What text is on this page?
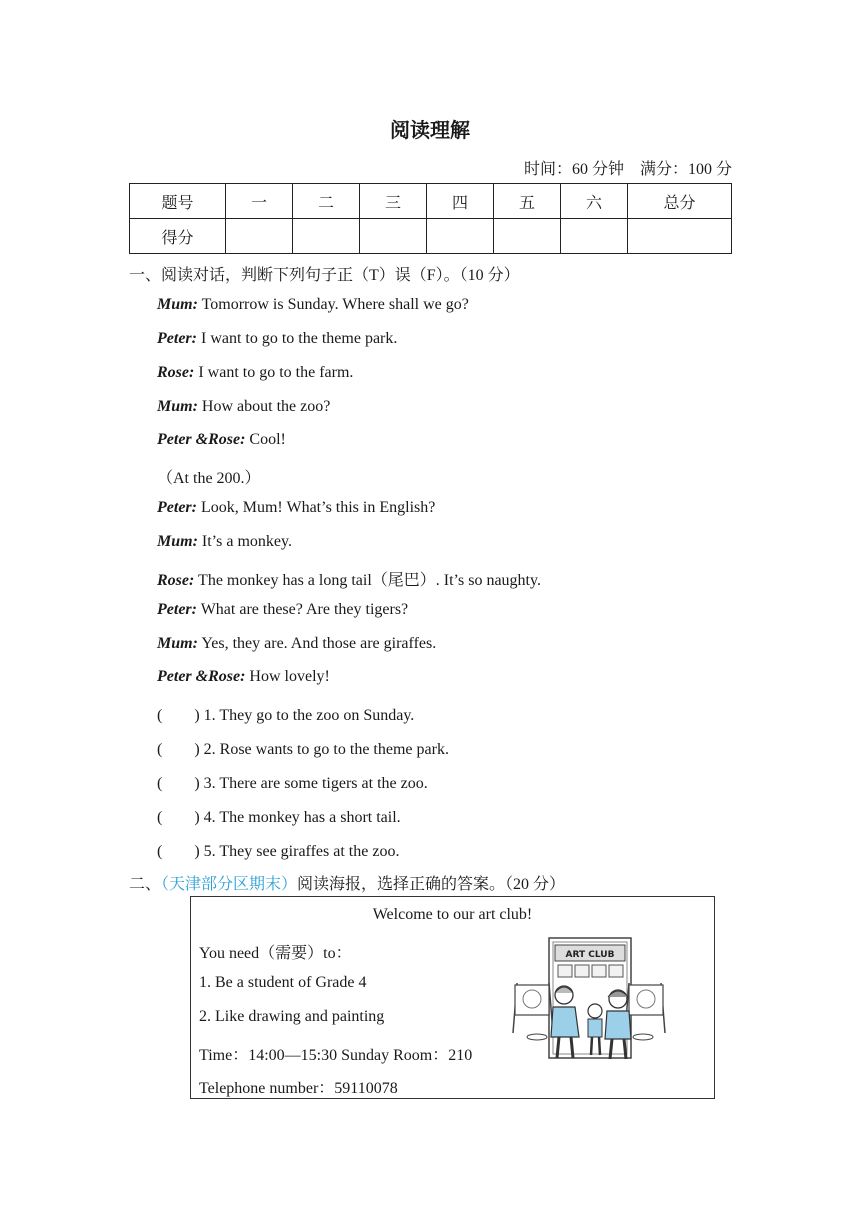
阅读理解
时间：60 分钟　满分：100 分
题号	一	二	三	四	五	六	总分
得分							
一、阅读对话，判断下列句子正（T）误（F）。（10 分）
Mum: Tomorrow is Sunday. Where shall we go?
Peter: I want to go to the theme park.
Rose: I want to go to the farm.
Mum: How about the zoo?
Peter &Rose: Cool!
（At the 200.）
Peter: Look, Mum! What’s this in English?
Mum: It’s a monkey.
Rose: The monkey has a long tail（尾巴）. It’s so naughty.
Peter: What are these? Are they tigers?
Mum: Yes, they are. And those are giraffes.
Peter &Rose: How lovely!
(　　) 1. They go to the zoo on Sunday.
(　　) 2. Rose wants to go to the theme park.
(　　) 3. There are some tigers at the zoo.
(　　) 4. The monkey has a short tail.
(　　) 5. They see giraffes at the zoo.
二、（天津部分区期末）阅读海报，选择正确的答案。（20 分）
Welcome to our art club!
You need（需要）to：
1. Be a student of Grade 4
2. Like drawing and painting
Time：14:00—15:30 Sunday Room：210
Telephone number：59110078
ART CLUB
